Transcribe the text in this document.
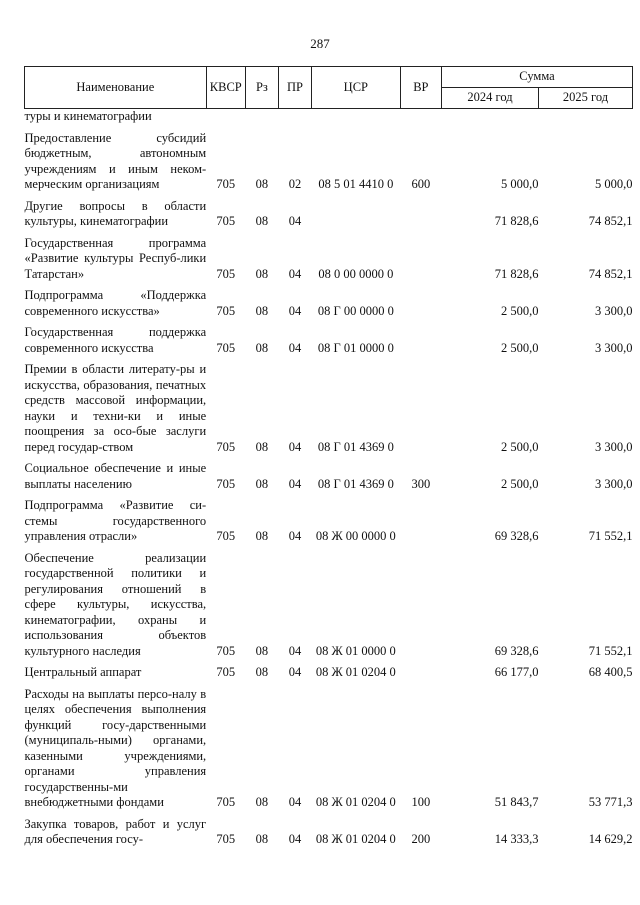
287
Наименование	КВСР	Рз	ПР	ЦСР	ВР	Сумма	
						2024 год	2025 год
туры и кинематографии							
Предоставление субсидий бюджетным, автономным учреждениям и иным неком-мерческим организациям	705	08	02	08 5 01 4410 0	600	5 000,0	5 000,0
Другие вопросы в области культуры, кинематографии	705	08	04			71 828,6	74 852,1
Государственная программа «Развитие культуры Респуб-лики Татарстан»	705	08	04	08 0 00 0000 0		71 828,6	74 852,1
Подпрограмма «Поддержка современного искусства»	705	08	04	08 Г 00 0000 0		2 500,0	3 300,0
Государственная поддержка современного искусства	705	08	04	08 Г 01 0000 0		2 500,0	3 300,0
Премии в области литерату-ры и искусства, образования, печатных средств массовой информации, науки и техни-ки и иные поощрения за осо-бые заслуги перед государ-ством	705	08	04	08 Г 01 4369 0		2 500,0	3 300,0
Социальное обеспечение и иные выплаты населению	705	08	04	08 Г 01 4369 0	300	2 500,0	3 300,0
Подпрограмма «Развитие си-стемы государственного управления отрасли»	705	08	04	08 Ж 00 0000 0		69 328,6	71 552,1
Обеспечение реализации государственной политики и регулирования отношений в сфере культуры, искусства, кинематографии, охраны и использования объектов культурного наследия	705	08	04	08 Ж 01 0000 0		69 328,6	71 552,1
Центральный аппарат	705	08	04	08 Ж 01 0204 0		66 177,0	68 400,5
Расходы на выплаты персо-налу в целях обеспечения выполнения функций госу-дарственными (муниципаль-ными) органами, казенными учреждениями, органами управления государственны-ми внебюджетными фондами	705	08	04	08 Ж 01 0204 0	100	51 843,7	53 771,3
Закупка товаров, работ и услуг для обеспечения госу-	705	08	04	08 Ж 01 0204 0	200	14 333,3	14 629,2
